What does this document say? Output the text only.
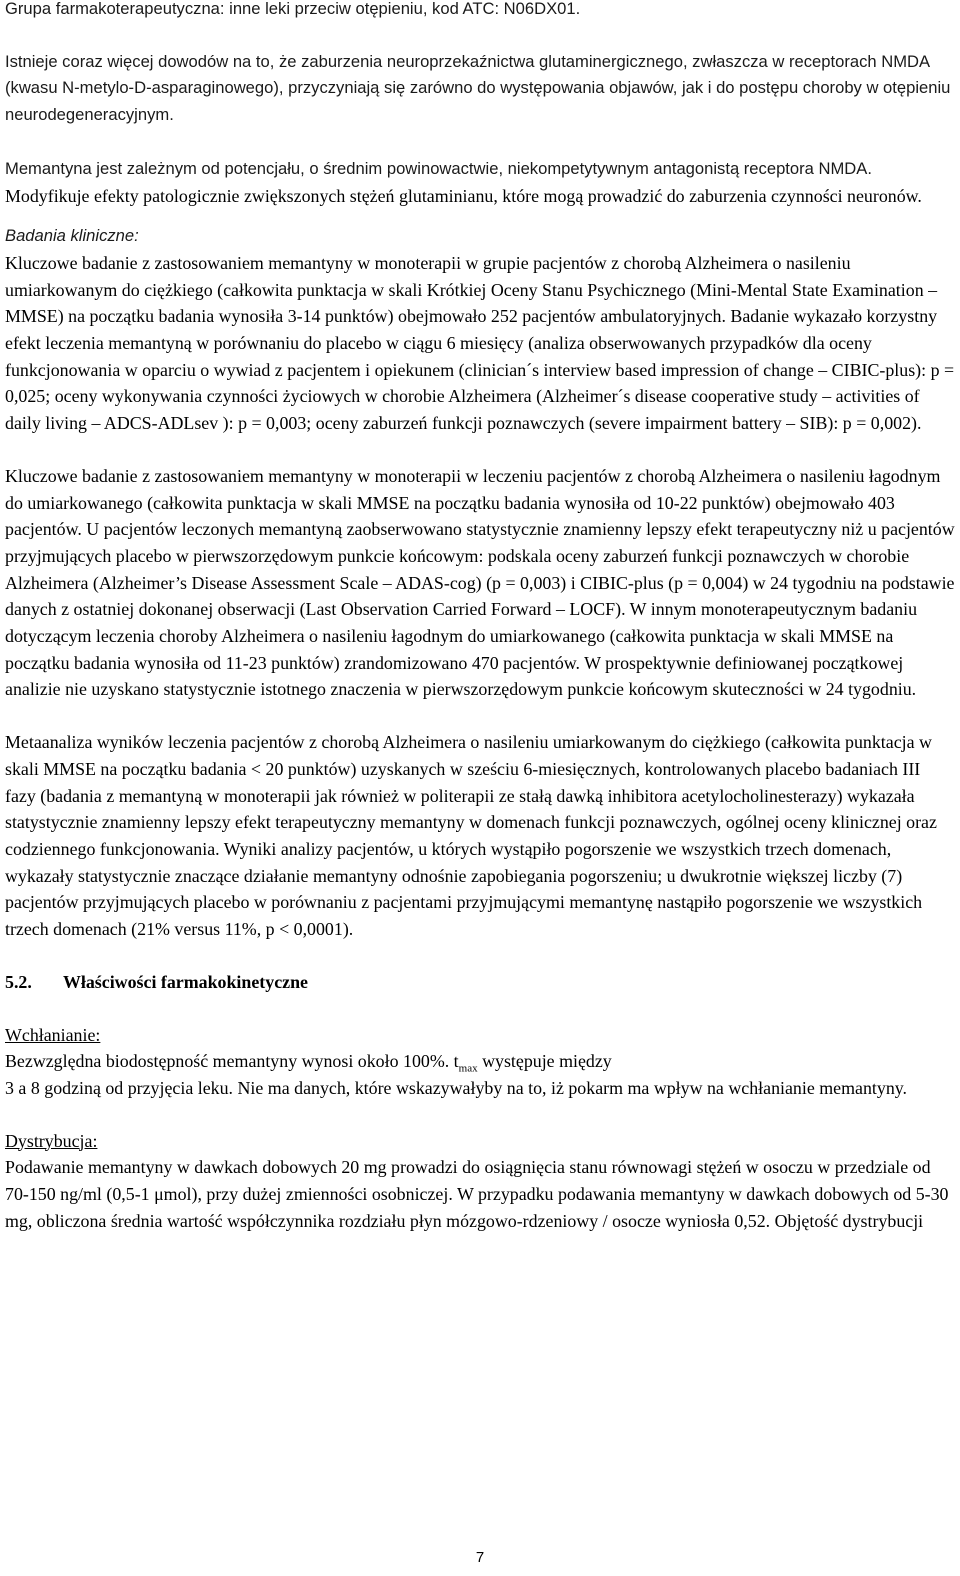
Grupa farmakoterapeutyczna: inne leki przeciw otępieniu, kod ATC: N06DX01.

Istnieje coraz więcej dowodów na to, że zaburzenia neuroprzekaźnictwa glutaminergicznego, zwłaszcza w receptorach NMDA (kwasu N-metylo-D-asparaginowego), przyczyniają się zarówno do występowania objawów, jak i do postępu choroby w otępieniu neurodegeneracyjnym.

Memantyna jest zależnym od potencjału, o średnim powinowactwie, niekompetytywnym antagonistą receptora NMDA. Modyfikuje efekty patologicznie zwiększonych stężeń glutaminianu, które mogą prowadzić do zaburzenia czynności neuronów.

Badania kliniczne:

Kluczowe badanie z zastosowaniem memantyny w monoterapii w grupie pacjentów z chorobą Alzheimera o nasileniu umiarkowanym do ciężkiego (całkowita punktacja w skali Krótkiej Oceny Stanu Psychicznego (Mini-Mental State Examination – MMSE) na początku badania wynosiła 3-14 punktów) obejmowało 252 pacjentów ambulatoryjnych. Badanie wykazało korzystny efekt leczenia memantyną w porównaniu do placebo w ciągu 6 miesięcy (analiza obserwowanych przypadków dla oceny funkcjonowania w oparciu o wywiad z pacjentem i opiekunem (clinician´s interview based impression of change – CIBIC-plus): p = 0,025; oceny wykonywania czynności życiowych w chorobie Alzheimera (Alzheimer´s disease cooperative study – activities of daily living – ADCS-ADLsev ): p = 0,003; oceny zaburzeń funkcji poznawczych (severe impairment battery – SIB): p = 0,002).

Kluczowe badanie z zastosowaniem memantyny w monoterapii w leczeniu pacjentów z chorobą Alzheimera o nasileniu łagodnym do umiarkowanego (całkowita punktacja w skali MMSE na początku badania wynosiła od 10-22 punktów) obejmowało 403 pacjentów. U pacjentów leczonych memantyną zaobserwowano statystycznie znamienny lepszy efekt terapeutyczny niż u pacjentów przyjmujących placebo w pierwszorzędowym punkcie końcowym: podskala oceny zaburzeń funkcji poznawczych w chorobie Alzheimera (Alzheimer’s Disease Assessment Scale – ADAS-cog) (p = 0,003) i CIBIC-plus (p = 0,004) w 24 tygodniu na podstawie danych z ostatniej dokonanej obserwacji (Last Observation Carried Forward – LOCF). W innym monoterapeutycznym badaniu dotyczącym leczenia choroby Alzheimera o nasileniu łagodnym do umiarkowanego (całkowita punktacja w skali MMSE na początku badania wynosiła od 11-23 punktów) zrandomizowano 470 pacjentów. W prospektywnie definiowanej początkowej analizie nie uzyskano statystycznie istotnego znaczenia w pierwszorzędowym punkcie końcowym skuteczności w 24 tygodniu.

Metaanaliza wyników leczenia pacjentów z chorobą Alzheimera o nasileniu umiarkowanym do ciężkiego (całkowita punktacja w skali MMSE na początku badania < 20 punktów) uzyskanych w sześciu 6-miesięcznych, kontrolowanych placebo badaniach III fazy (badania z memantyną w monoterapii jak również w politerapii ze stałą dawką inhibitora acetylocholinesterazy) wykazała statystycznie znamienny lepszy efekt terapeutyczny memantyny w domenach funkcji poznawczych, ogólnej oceny klinicznej oraz codziennego funkcjonowania. Wyniki analizy pacjentów, u których wystąpiło pogorszenie we wszystkich trzech domenach, wykazały statystycznie znaczące działanie memantyny odnośnie zapobiegania pogorszeniu; u dwukrotnie większej liczby (7) pacjentów przyjmujących placebo w porównaniu z pacjentami przyjmującymi memantynę nastąpiło pogorszenie we wszystkich trzech domenach (21% versus 11%, p < 0,0001).

5.2. Właściwości farmakokinetyczne

Wchłanianie:

Bezwzględna biodostępność memantyny wynosi około 100%. $t_{max}$ występuje między
3 a 8 godziną od przyjęcia leku. Nie ma danych, które wskazywałyby na to, iż pokarm ma wpływ na wchłanianie memantyny.

Dystrybucja:

Podawanie memantyny w dawkach dobowych 20 mg prowadzi do osiągnięcia stanu równowagi stężeń w osoczu w przedziale od 70-150 ng/ml (0,5-1 μmol), przy dużej zmienności osobniczej. W przypadku podawania memantyny w dawkach dobowych od 5-30 mg, obliczona średnia wartość współczynnika rozdziału płyn mózgowo-rdzeniowy / osocze wyniosła 0,52. Objętość dystrybucji

7
